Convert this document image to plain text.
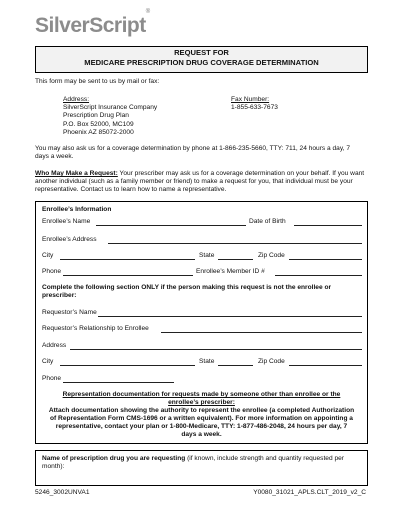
SilverScript®
REQUEST FOR
MEDICARE PRESCRIPTION DRUG COVERAGE DETERMINATION
This form may be sent to us by mail or fax:
Address:
SilverScript Insurance Company
Prescription Drug Plan
P.O. Box 52000, MC109
Phoenix AZ 85072-2000
Fax Number:
1-855-633-7673
You may also ask us for a coverage determination by phone at 1-866-235-5660, TTY: 711, 24 hours a day, 7 days a week.
Who May Make a Request: Your prescriber may ask us for a coverage determination on your behalf. If you want another individual (such as a family member or friend) to make a request for you, that individual must be your representative. Contact us to learn how to name a representative.
Enrollee’s Information
Enrollee’s Name	Date of Birth
Enrollee’s Address
City	State	Zip Code
Phone	Enrollee’s Member ID #
Complete the following section ONLY if the person making this request is not the enrollee or prescriber:
Requestor’s Name
Requestor’s Relationship to Enrollee
Address
City	State	Zip Code
Phone
Representation documentation for requests made by someone other than enrollee or the enrollee’s prescriber:
Attach documentation showing the authority to represent the enrollee (a completed Authorization of Representation Form CMS-1696 or a written equivalent). For more information on appointing a representative, contact your plan or 1-800-Medicare, TTY: 1-877-486-2048, 24 hours per day, 7 days a week.
Name of prescription drug you are requesting (if known, include strength and quantity requested per month):
5246_3002UNVA1	Y0080_31021_APLS.CLT_2019_v2_C
